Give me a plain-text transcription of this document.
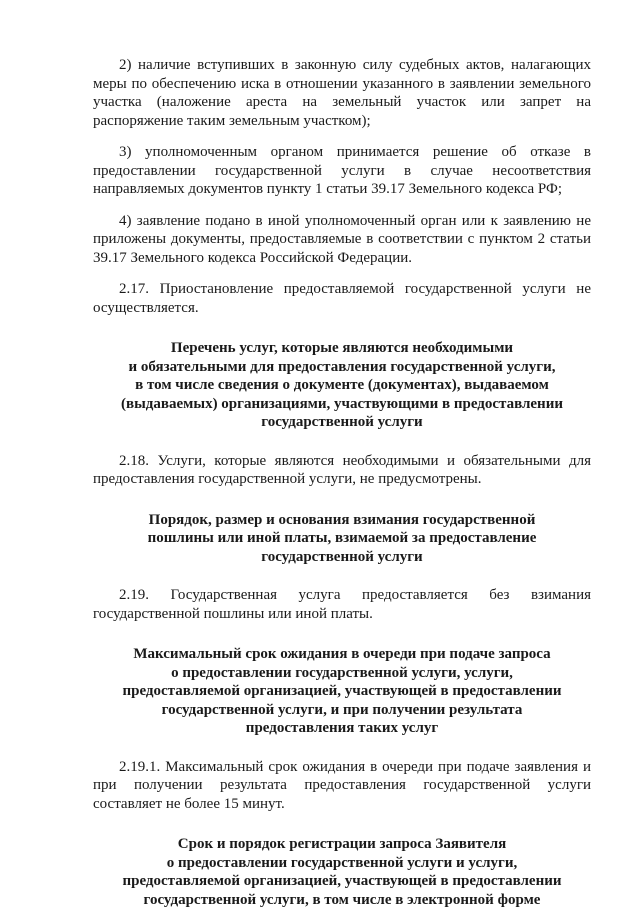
2) наличие вступивших в законную силу судебных актов, налагающих меры по обеспечению иска в отношении указанного в заявлении земельного участка (наложение ареста на земельный участок или запрет на распоряжение таким земельным участком);

3) уполномоченным органом принимается решение об отказе в предоставлении государственной услуги в случае несоответствия направляемых документов пункту 1 статьи 39.17 Земельного кодекса РФ;

4) заявление подано в иной уполномоченный орган или к заявлению не приложены документы, предоставляемые в соответствии с пунктом 2 статьи 39.17 Земельного кодекса Российской Федерации.

2.17. Приостановление предоставляемой государственной услуги не осуществляется.

Перечень услуг, которые являются необходимыми

и обязательными для предоставления государственной услуги,

в том числе сведения о документе (документах), выдаваемом

(выдаваемых) организациями, участвующими в предоставлении

государственной услуги

2.18. Услуги, которые являются необходимыми и обязательными для предоставления государственной услуги, не предусмотрены.

Порядок, размер и основания взимания государственной

пошлины или иной платы, взимаемой за предоставление

государственной услуги

2.19. Государственная услуга предоставляется без взимания государственной пошлины или иной платы.

Максимальный срок ожидания в очереди при подаче запроса

о предоставлении государственной услуги, услуги,

предоставляемой организацией, участвующей в предоставлении

государственной услуги, и при получении результата

предоставления таких услуг

2.19.1. Максимальный срок ожидания в очереди при подаче заявления и при получении результата предоставления государственной услуги составляет не более 15 минут.

Срок и порядок регистрации запроса Заявителя

о предоставлении государственной услуги и услуги,

предоставляемой организацией, участвующей в предоставлении

государственной услуги, в том числе в электронной форме
